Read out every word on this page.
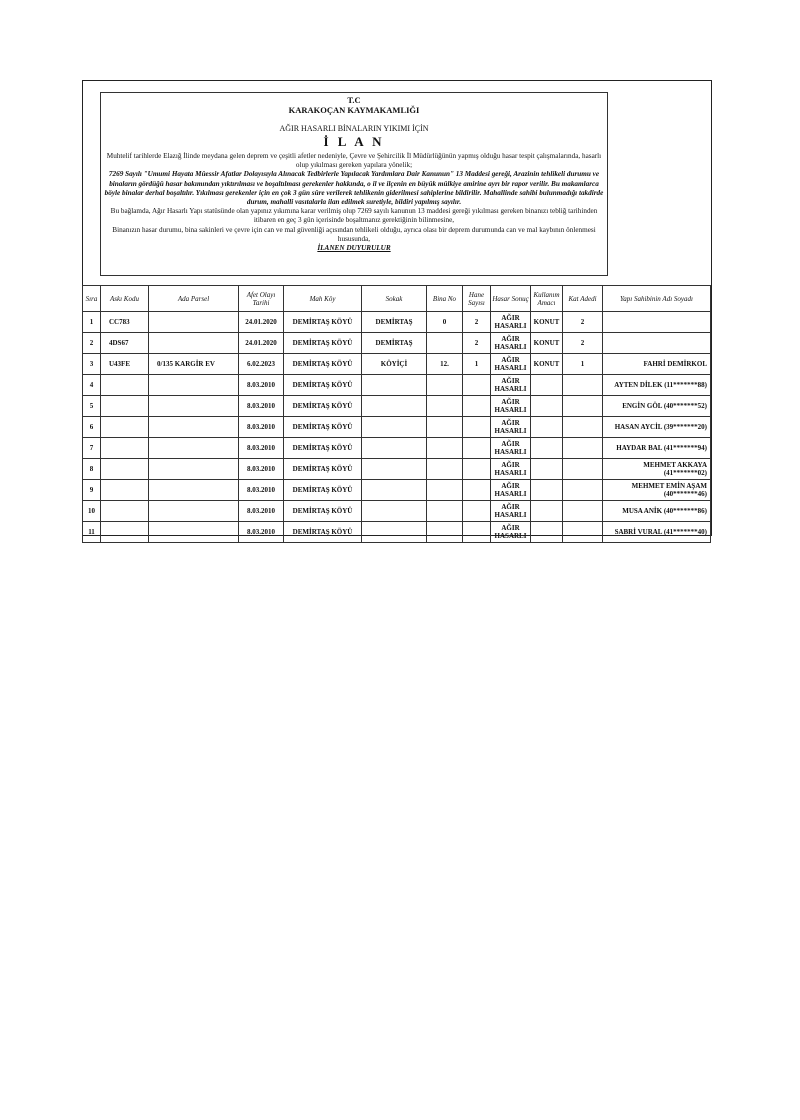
T.C
KARAKOÇAN KAYMAKAMLIĞI
AĞIR HASARLI BİNALARIN YIKIMI İÇİN
İ L A N

Muhtelif tarihlerde Elazığ İlinde meydana gelen deprem ve çeşitli afetler nedeniyle, Çevre ve Şehircilik İl Müdürlüğünün yapmış olduğu hasar tespit çalışmalarında, hasarlı olup yıkılması gereken yapılara yönelik;

7269 Sayılı "Umumi Hayata Müessir Afatlar Dolayısıyla Alınacak Tedbirlerle Yapılacak Yardımlara Dair Kanunun" 13 Maddesi gereği, Arazinin tehlikeli durumu ve binaların gördüğü hasar bakımından yıktırılması ve boşaltılması gerekenler hakkında, o il ve ilçenin en büyük mülkiye amirine ayrı bir rapor verilir. Bu makamlarca böyle binalar derhal boşaltılır. Yıkılması gerekenler için en çok 3 gün süre verilerek tehlikenin giderilmesi sahiplerine bildirilir. Mahallinde sahibi bulunmadığı takdirde durum, mahalli vasıtalarla ilan edilmek suretiyle, bildiri yapılmış sayılır.

Bu bağlamda, Ağır Hasarlı Yapı statüsünde olan yapınız yıkımına karar verilmiş olup 7269 sayılı kanunun 13 maddesi gereği yıkılması gereken binanızı tebliğ tarihinden itibaren en geç 3 gün içerisinde boşaltmanız gerektiğinin bilinmesine,

Binanızın hasar durumu, bina sakinleri ve çevre için can ve mal güvenliği açısından tehlikeli olduğu, ayrıca olası bir deprem durumunda can ve mal kaybının önlenmesi hususunda,

İLANEN DUYURULUR

Sıra	Askı Kodu	Ada Parsel	Afet Olayı Tarihi	Mah Köy	Sokak	Bina No	Hane Sayısı	Hasar Sonuç	Kullanım Amacı	Kat Adedi	Yapı Sahibinin Adı Soyadı
1	CC783		24.01.2020	DEMİRTAŞ KÖYÜ	DEMİRTAŞ	0	2	AĞIR HASARLI	KONUT	2	
2	4DS67		24.01.2020	DEMİRTAŞ KÖYÜ	DEMİRTAŞ		2	AĞIR HASARLI	KONUT	2	
3	U43FE	0/135 KARGİR EV	6.02.2023	DEMİRTAŞ KÖYÜ	KÖYİÇİ	12.	1	AĞIR HASARLI	KONUT	1	FAHRİ DEMİRKOL
4			8.03.2010	DEMİRTAŞ KÖYÜ				AĞIR HASARLI			AYTEN DİLEK (11*******88)
5			8.03.2010	DEMİRTAŞ KÖYÜ				AĞIR HASARLI			ENGİN GÖL (40*******52)
6			8.03.2010	DEMİRTAŞ KÖYÜ				AĞIR HASARLI			HASAN AYCİL (39*******20)
7			8.03.2010	DEMİRTAŞ KÖYÜ				AĞIR HASARLI			HAYDAR BAL (41*******94)
8			8.03.2010	DEMİRTAŞ KÖYÜ				AĞIR HASARLI			MEHMET AKKAYA (41*******02)
9			8.03.2010	DEMİRTAŞ KÖYÜ				AĞIR HASARLI			MEHMET EMİN AŞAM (40*******46)
10			8.03.2010	DEMİRTAŞ KÖYÜ				AĞIR HASARLI			MUSA ANİK (40*******86)
11			8.03.2010	DEMİRTAŞ KÖYÜ				AĞIR HASARLI			SABRİ VURAL (41*******40)
